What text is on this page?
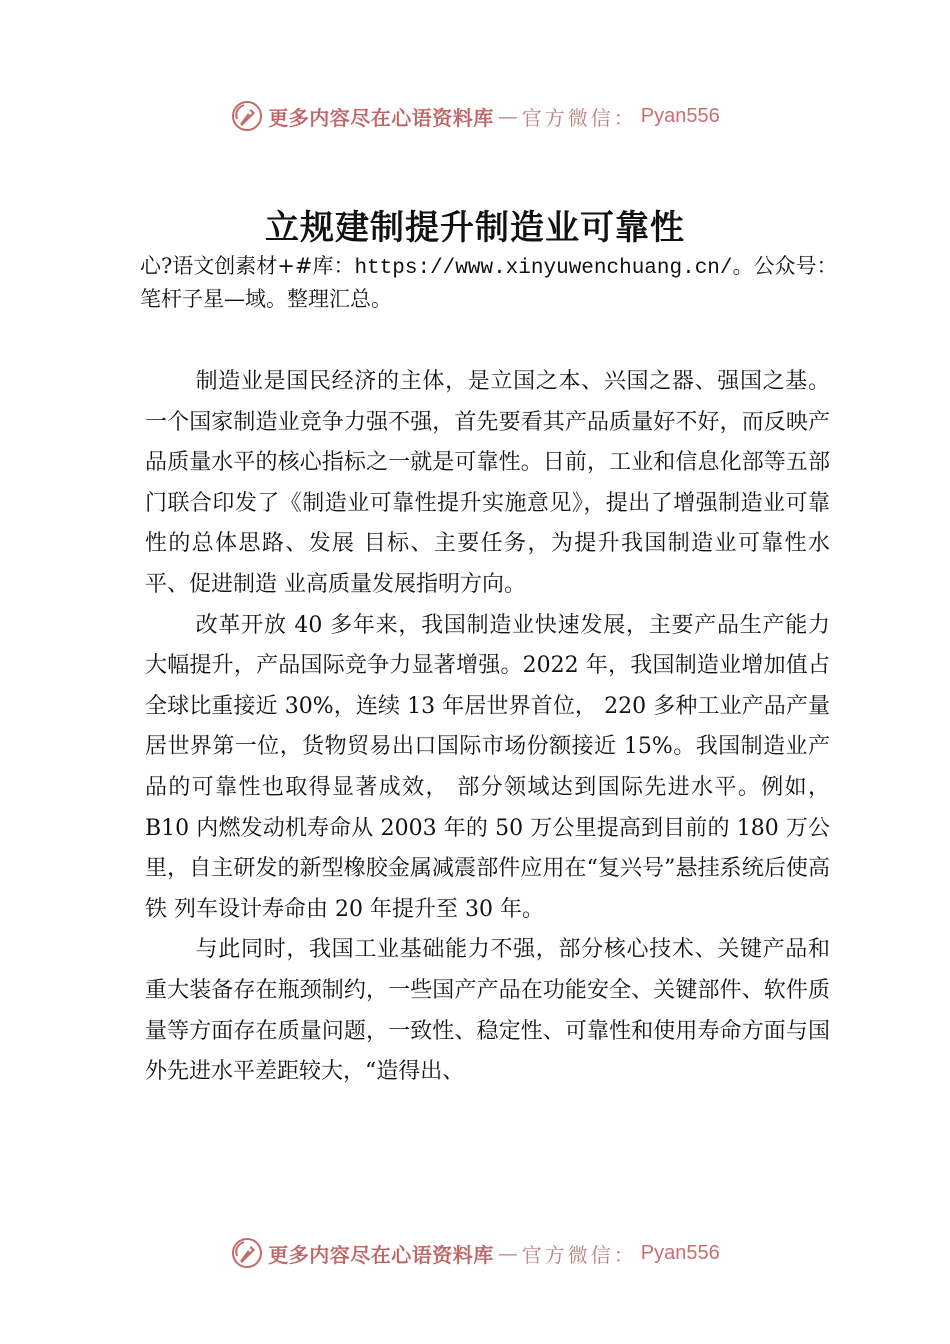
更多内容尽在心语资料库 — 官方微信： Pyan556
立规建制提升制造业可靠性

心?语文创素材+#库：https://www.xinyuwenchuang.cn/。公众号：笔杆子星—域。整理汇总。

制造业是国民经济的主体，是立国之本、兴国之器、强国之基。一个国家制造业竞争力强不强，首先要看其产品质量好不好，而反映产品质量水平的核心指标之一就是可靠性。日前，工业和信息化部等五部门联合印发了《制造业可靠性提升实施意见》，提出了增强制造业可靠性的总体思路、发展 目标、主要任务，为提升我国制造业可靠性水平、促进制造 业高质量发展指明方向。

改革开放 40 多年来，我国制造业快速发展，主要产品生产能力大幅提升，产品国际竞争力显著增强。2022 年，我国制造业增加值占全球比重接近 30%，连续 13 年居世界首位， 220 多种工业产品产量居世界第一位，货物贸易出口国际市场份额接近 15%。我国制造业产品的可靠性也取得显著成效， 部分领域达到国际先进水平。例如，B10 内燃发动机寿命从 2003 年的 50 万公里提高到目前的 180 万公里，自主研发的新型橡胶金属减震部件应用在“复兴号”悬挂系统后使高铁 列车设计寿命由 20 年提升至 30 年。

与此同时，我国工业基础能力不强，部分核心技术、关键产品和重大装备存在瓶颈制约，一些国产产品在功能安全、关键部件、软件质量等方面存在质量问题，一致性、稳定性、可靠性和使用寿命方面与国外先进水平差距较大，“造得出、

更多内容尽在心语资料库 — 官方微信： Pyan556
